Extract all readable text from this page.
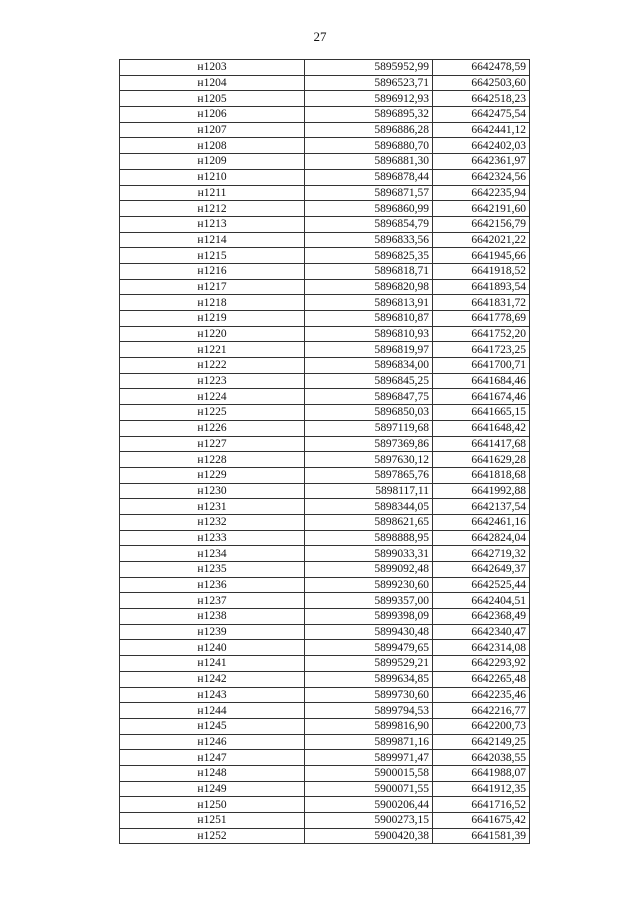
27
н1203	5895952,99	6642478,59
н1204	5896523,71	6642503,60
н1205	5896912,93	6642518,23
н1206	5896895,32	6642475,54
н1207	5896886,28	6642441,12
н1208	5896880,70	6642402,03
н1209	5896881,30	6642361,97
н1210	5896878,44	6642324,56
н1211	5896871,57	6642235,94
н1212	5896860,99	6642191,60
н1213	5896854,79	6642156,79
н1214	5896833,56	6642021,22
н1215	5896825,35	6641945,66
н1216	5896818,71	6641918,52
н1217	5896820,98	6641893,54
н1218	5896813,91	6641831,72
н1219	5896810,87	6641778,69
н1220	5896810,93	6641752,20
н1221	5896819,97	6641723,25
н1222	5896834,00	6641700,71
н1223	5896845,25	6641684,46
н1224	5896847,75	6641674,46
н1225	5896850,03	6641665,15
н1226	5897119,68	6641648,42
н1227	5897369,86	6641417,68
н1228	5897630,12	6641629,28
н1229	5897865,76	6641818,68
н1230	5898117,11	6641992,88
н1231	5898344,05	6642137,54
н1232	5898621,65	6642461,16
н1233	5898888,95	6642824,04
н1234	5899033,31	6642719,32
н1235	5899092,48	6642649,37
н1236	5899230,60	6642525,44
н1237	5899357,00	6642404,51
н1238	5899398,09	6642368,49
н1239	5899430,48	6642340,47
н1240	5899479,65	6642314,08
н1241	5899529,21	6642293,92
н1242	5899634,85	6642265,48
н1243	5899730,60	6642235,46
н1244	5899794,53	6642216,77
н1245	5899816,90	6642200,73
н1246	5899871,16	6642149,25
н1247	5899971,47	6642038,55
н1248	5900015,58	6641988,07
н1249	5900071,55	6641912,35
н1250	5900206,44	6641716,52
н1251	5900273,15	6641675,42
н1252	5900420,38	6641581,39
